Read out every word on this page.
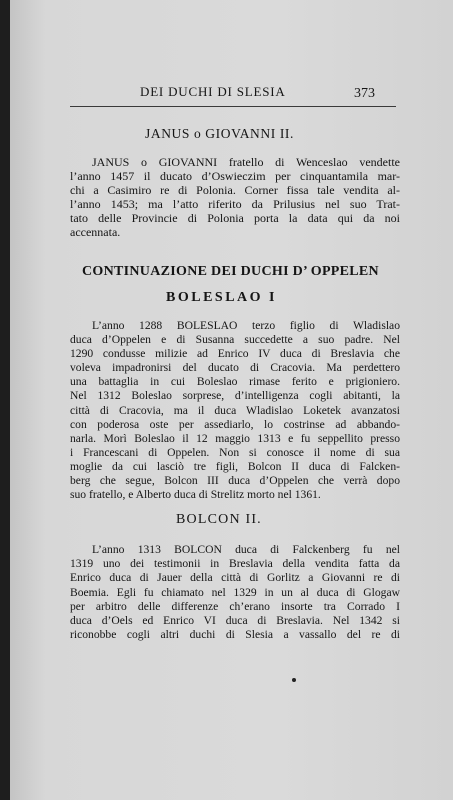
DEI DUCHI DI SLESIA	373
JANUS o GIOVANNI II.
JANUS o GIOVANNI fratello di Wenceslao vendette
l’anno 1457 il ducato d’Oswieczim per cinquantamila mar-
chi a Casimiro re di Polonia. Corner fissa tale vendita al-
l’anno 1453; ma l’atto riferito da Prilusius nel suo Trat-
tato delle Provincie di Polonia porta la data qui da noi
accennata.
CONTINUAZIONE DEI DUCHI D’ OPPELEN
BOLESLAO I
L’anno 1288 BOLESLAO terzo figlio di Wladislao
duca d’Oppelen e di Susanna succedette a suo padre. Nel
1290 condusse milizie ad Enrico IV duca di Breslavia che
voleva impadronirsi del ducato di Cracovia. Ma perdettero
una battaglia in cui Boleslao rimase ferito e prigioniero.
Nel 1312 Boleslao sorprese, d’intelligenza cogli abitanti, la
città di Cracovia, ma il duca Wladislao Loketek avanzatosi
con poderosa oste per assediarlo, lo costrinse ad abbando-
narla. Morì Boleslao il 12 maggio 1313 e fu seppellito presso
i Francescani di Oppelen. Non si conosce il nome di sua
moglie da cui lasciò tre figli, Bolcon II duca di Falcken-
berg che segue, Bolcon III duca d’Oppelen che verrà dopo
suo fratello, e Alberto duca di Strelitz morto nel 1361.
BOLCON II.
L’anno 1313 BOLCON duca di Falckenberg fu nel
1319 uno dei testimonii in Breslavia della vendita fatta da
Enrico duca di Jauer della città di Gorlitz a Giovanni re di
Boemia. Egli fu chiamato nel 1329 in un al duca di Glogaw
per arbitro delle differenze ch’erano insorte tra Corrado I
duca d’Oels ed Enrico VI duca di Breslavia. Nel 1342 si
riconobbe cogli altri duchi di Slesia a vassallo del re di
